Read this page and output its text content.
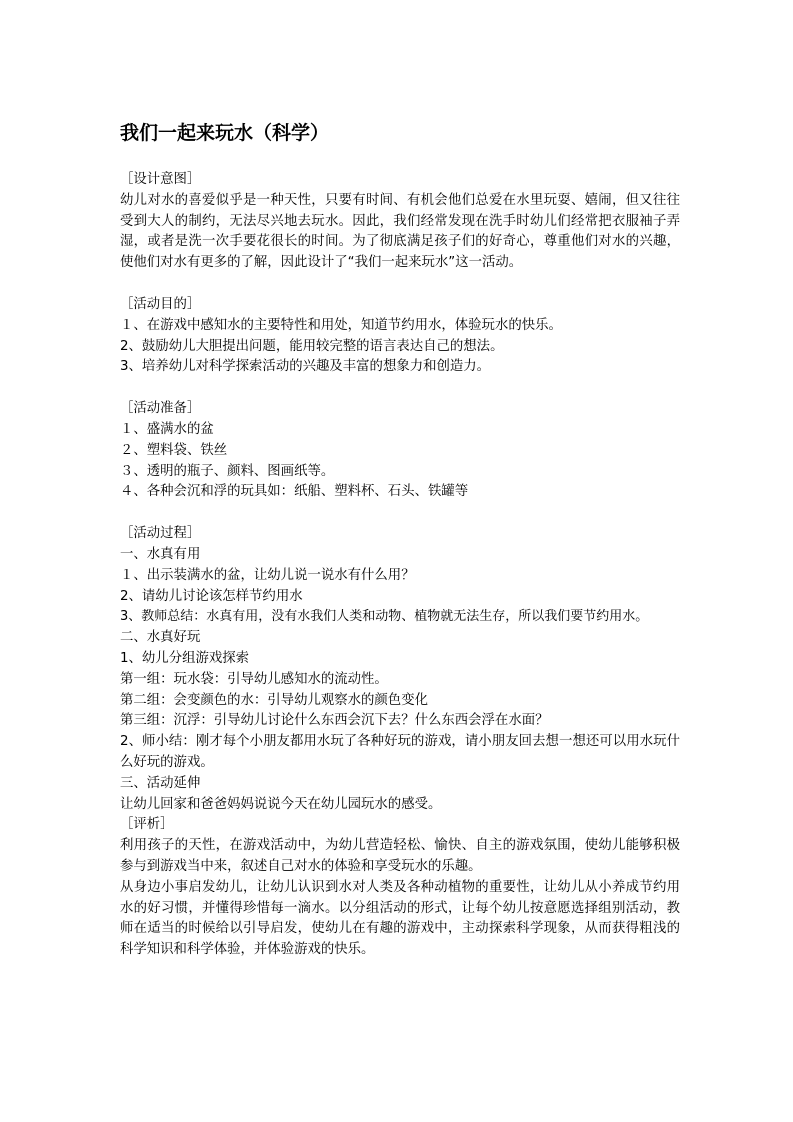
我们一起来玩水（科学）
［设计意图］
幼儿对水的喜爱似乎是一种天性，只要有时间、有机会他们总爱在水里玩耍、嬉闹，但又往往受到大人的制约，无法尽兴地去玩水。因此，我们经常发现在洗手时幼儿们经常把衣服袖子弄湿，或者是洗一次手要花很长的时间。为了彻底满足孩子们的好奇心，尊重他们对水的兴趣，使他们对水有更多的了解，因此设计了“我们一起来玩水”这一活动。
［活动目的］
１、在游戏中感知水的主要特性和用处，知道节约用水，体验玩水的快乐。
2、鼓励幼儿大胆提出问题，能用较完整的语言表达自己的想法。
3、培养幼儿对科学探索活动的兴趣及丰富的想象力和创造力。
［活动准备］
１、盛满水的盆
２、塑料袋、铁丝
３、透明的瓶子、颜料、图画纸等。
４、各种会沉和浮的玩具如：纸船、塑料杯、石头、铁罐等
［活动过程］
一、水真有用
１、出示装满水的盆，让幼儿说一说水有什么用？
2、请幼儿讨论该怎样节约用水
3、教师总结：水真有用，没有水我们人类和动物、植物就无法生存，所以我们要节约用水。
二、水真好玩
1、幼儿分组游戏探索
第一组：玩水袋：引导幼儿感知水的流动性。
第二组：会变颜色的水：引导幼儿观察水的颜色变化
第三组：沉浮：引导幼儿讨论什么东西会沉下去？什么东西会浮在水面？
2、师小结：刚才每个小朋友都用水玩了各种好玩的游戏，请小朋友回去想一想还可以用水玩什么好玩的游戏。
三、活动延伸
让幼儿回家和爸爸妈妈说说今天在幼儿园玩水的感受。
［评析］
利用孩子的天性，在游戏活动中，为幼儿营造轻松、愉快、自主的游戏氛围，使幼儿能够积极参与到游戏当中来，叙述自己对水的体验和享受玩水的乐趣。
从身边小事启发幼儿，让幼儿认识到水对人类及各种动植物的重要性，让幼儿从小养成节约用水的好习惯，并懂得珍惜每一滴水。以分组活动的形式，让每个幼儿按意愿选择组别活动，教师在适当的时候给以引导启发，使幼儿在有趣的游戏中，主动探索科学现象，从而获得粗浅的科学知识和科学体验，并体验游戏的快乐。
